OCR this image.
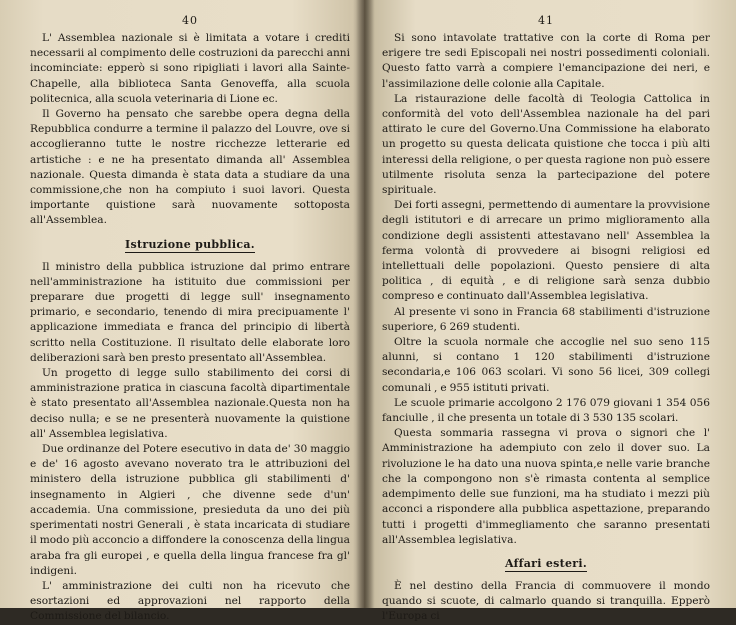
40

L' Assemblea nazionale si è limitata a votare i crediti necessarii al compimento delle costruzioni da parecchi anni incominciate: epperò si sono ripigliati i lavori alla Sainte-Chapelle, alla biblioteca Santa Genoveffa, alla scuola politecnica, alla scuola veterinaria di Lione ec.

Il Governo ha pensato che sarebbe opera degna della Repubblica condurre a termine il palazzo del Louvre, ove si accoglieranno tutte le nostre ricchezze letterarie ed artistiche : e ne ha presentato dimanda all' Assemblea nazionale. Questa dimanda è stata data a studiare da una commissione,che non ha compiuto i suoi lavori. Questa importante quistione sarà nuovamente sottoposta all'Assemblea.

Istruzione pubblica.

Il ministro della pubblica istruzione dal primo entrare nell'amministrazione ha istituito due commissioni per preparare due progetti di legge sull' insegnamento primario, e secondario, tenendo di mira precipuamente l' applicazione immediata e franca del principio di libertà scritto nella Costituzione. Il risultato delle elaborate loro deliberazioni sarà ben presto presentato all'Assemblea.

Un progetto di legge sullo stabilimento dei corsi di amministrazione pratica in ciascuna facoltà dipartimentale è stato presentato all'Assemblea nazionale.Questa non ha deciso nulla; e se ne presenterà nuovamente la quistione all' Assemblea legislativa.

Due ordinanze del Potere esecutivo in data de' 30 maggio e de' 16 agosto avevano noverato tra le attribuzioni del ministero della istruzione pubblica gli stabilimenti d' insegnamento in Algieri , che divenne sede d'un' accademia. Una commissione, presieduta da uno dei più sperimentati nostri Generali , è stata incaricata di studiare il modo più acconcio a diffondere la conoscenza della lingua araba fra gli europei , e quella della lingua francese fra gl' indigeni.

L' amministrazione dei culti non ha ricevuto che esortazioni ed approvazioni nel rapporto della Commissione del bilancio.

41

Si sono intavolate trattative con la corte di Roma per erigere tre sedi Episcopali nei nostri possedimenti coloniali. Questo fatto varrà a compiere l'emancipazione dei neri, e l'assimilazione delle colonie alla Capitale.

La ristaurazione delle facoltà di Teologia Cattolica in conformità del voto dell'Assemblea nazionale ha del pari attirato le cure del Governo.Una Commissione ha elaborato un progetto su questa delicata quistione che tocca i più alti interessi della religione, o per questa ragione non può essere utilmente risoluta senza la partecipazione del potere spirituale.

Dei forti assegni, permettendo di aumentare la provvisione degli istitutori e di arrecare un primo miglioramento alla condizione degli assistenti attestavano nell' Assemblea la ferma volontà di provvedere ai bisogni religiosi ed intellettuali delle popolazioni. Questo pensiere di alta politica , di equità , e di religione sarà senza dubbio compreso e continuato dall'Assemblea legislativa.

Al presente vi sono in Francia 68 stabilimenti d'istruzione superiore, 6 269 studenti.

Oltre la scuola normale che accoglie nel suo seno 115 alunni, si contano 1 120 stabilimenti d'istruzione secondaria,e 106 063 scolari. Vi sono 56 licei, 309 collegi comunali , e 955 istituti privati.

Le scuole primarie accolgono 2 176 079 giovani 1 354 056 fanciulle , il che presenta un totale di 3 530 135 scolari.

Questa sommaria rassegna vi prova o signori che l' Amministrazione ha adempiuto con zelo il dover suo. La rivoluzione le ha dato una nuova spinta,e nelle varie branche che la compongono non s'è rimasta contenta al semplice adempimento delle sue funzioni, ma ha studiato i mezzi più acconci a rispondere alla pubblica aspettazione, preparando tutti i progetti d'immegliamento che saranno presentati all'Assemblea legislativa.

Affari esteri.

È nel destino della Francia di commuovere il mondo quando si scuote, di calmarlo quando si tranquilla. Epperò l'Europa ci
